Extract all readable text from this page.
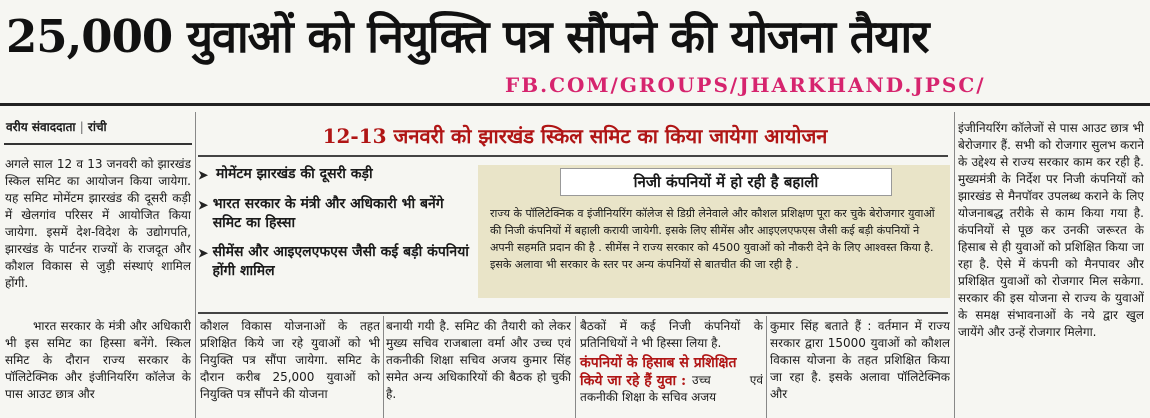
25,000 युवाओं को नियुक्ति पत्र सौंपने की योजना तैयार
FB.COM/GROUPS/JHARKHAND.JPSC/
वरीय संवाददाता | रांची
अगले साल 12 व 13 जनवरी को झारखंड स्किल समिट का आयोजन किया जायेगा. यह समिट मोमेंटम झारखंड की दूसरी कड़ी में खेलगांव परिसर में आयोजित किया जायेगा. इसमें देश-विदेश के उद्योगपति, झारखंड के पार्टनर राज्यों के राजदूत और कौशल विकास से जुड़ी संस्थाएं शामिल होंगी.
भारत सरकार के मंत्री और अधिकारी भी इस समिट का हिस्सा बनेंगे. स्किल समिट के दौरान राज्य सरकार के पॉलिटेक्निक और इंजीनियरिंग कॉलेज के पास आउट छात्र और
12-13 जनवरी को झारखंड स्किल समिट का किया जायेगा आयोजन
➤ मोमेंटम झारखंड की दूसरी कड़ी
➤ भारत सरकार के मंत्री और अधिकारी भी बनेंगे समिट का हिस्सा
➤ सीमेंस और आइएलएफएस जैसी कई बड़ी कंपनियां होंगी शामिल
निजी कंपनियों में हो रही है बहाली
राज्य के पॉलिटेक्निक व इंजीनियरिंग कॉलेज से डिग्री लेनेवाले और कौशल प्रशिक्षण पूरा कर चुके बेरोजगार युवाओं की निजी कंपनियों में बहाली करायी जायेगी. इसके लिए सीमेंस और आइएलएफएस जैसी कई बड़ी कंपनियों ने अपनी सहमति प्रदान की है . सीमेंस ने राज्य सरकार को 4500 युवाओं को नौकरी देने के लिए आश्वस्त किया है. इसके अलावा भी सरकार के स्तर पर अन्य कंपनियों से बातचीत की जा रही है .
कौशल विकास योजनाओं के तहत प्रशिक्षित किये जा रहे युवाओं को भी नियुक्ति पत्र सौंपा जायेगा. समिट के दौरान करीब 25,000 युवाओं को नियुक्ति पत्र सौंपने की योजना
बनायी गयी है. समिट की तैयारी को लेकर मुख्य सचिव राजबाला वर्मा और उच्च एवं तकनीकी शिक्षा सचिव अजय कुमार सिंह समेत अन्य अधिकारियों की बैठक हो चुकी है.
बैठकों में कई निजी कंपनियों के प्रतिनिधियों ने भी हिस्सा लिया है.
कंपनियों के हिसाब से प्रशिक्षित किये जा रहे हैं युवा : उच्च एवं तकनीकी शिक्षा के सचिव अजय
कुमार सिंह बताते हैं : वर्तमान में राज्य सरकार द्वारा 15000 युवाओं को कौशल विकास योजना के तहत प्रशिक्षित किया जा रहा है. इसके अलावा पॉलिटेक्निक और
इंजीनियरिंग कॉलेजों से पास आउट छात्र भी बेरोजगार हैं. सभी को रोजगार सुलभ कराने के उद्देश्य से राज्य सरकार काम कर रही है. मुख्यमंत्री के निर्देश पर निजी कंपनियों को झारखंड से मैनपॉवर उपलब्ध कराने के लिए योजनाबद्ध तरीके से काम किया गया है. कंपनियों से पूछ कर उनकी जरूरत के हिसाब से ही युवाओं को प्रशिक्षित किया जा रहा है. ऐसे में कंपनी को मैनपावर और प्रशिक्षित युवाओं को रोजगार मिल सकेगा. सरकार की इस योजना से राज्य के युवाओं के समक्ष संभावनाओं के नये द्वार खुल जायेंगे और उन्हें रोजगार मिलेगा.
